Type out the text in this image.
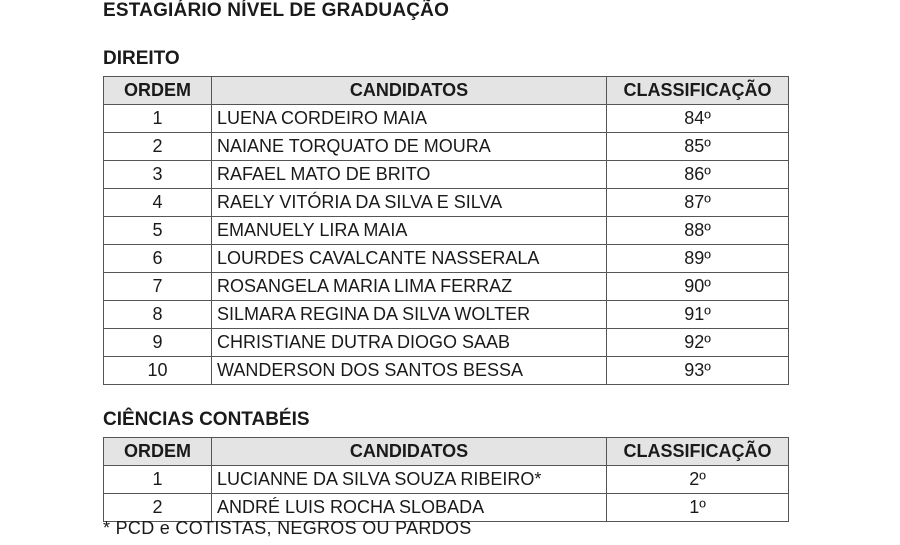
ESTAGIÁRIO NÍVEL DE GRADUAÇÃO
DIREITO
ORDEM	CANDIDATOS	CLASSIFICAÇÃO
1	LUENA CORDEIRO MAIA	84º
2	NAIANE TORQUATO DE MOURA	85º
3	RAFAEL MATO DE BRITO	86º
4	RAELY VITÓRIA DA SILVA E SILVA	87º
5	EMANUELY LIRA MAIA	88º
6	LOURDES CAVALCANTE NASSERALA	89º
7	ROSANGELA MARIA LIMA FERRAZ	90º
8	SILMARA REGINA DA SILVA WOLTER	91º
9	CHRISTIANE DUTRA DIOGO SAAB	92º
10	WANDERSON DOS SANTOS BESSA	93º
CIÊNCIAS CONTABÉIS
ORDEM	CANDIDATOS	CLASSIFICAÇÃO
1	LUCIANNE DA SILVA SOUZA RIBEIRO*	2º
2	ANDRÉ LUIS ROCHA SLOBADA	1º
* PCD e COTISTAS, NEGROS OU PARDOS
